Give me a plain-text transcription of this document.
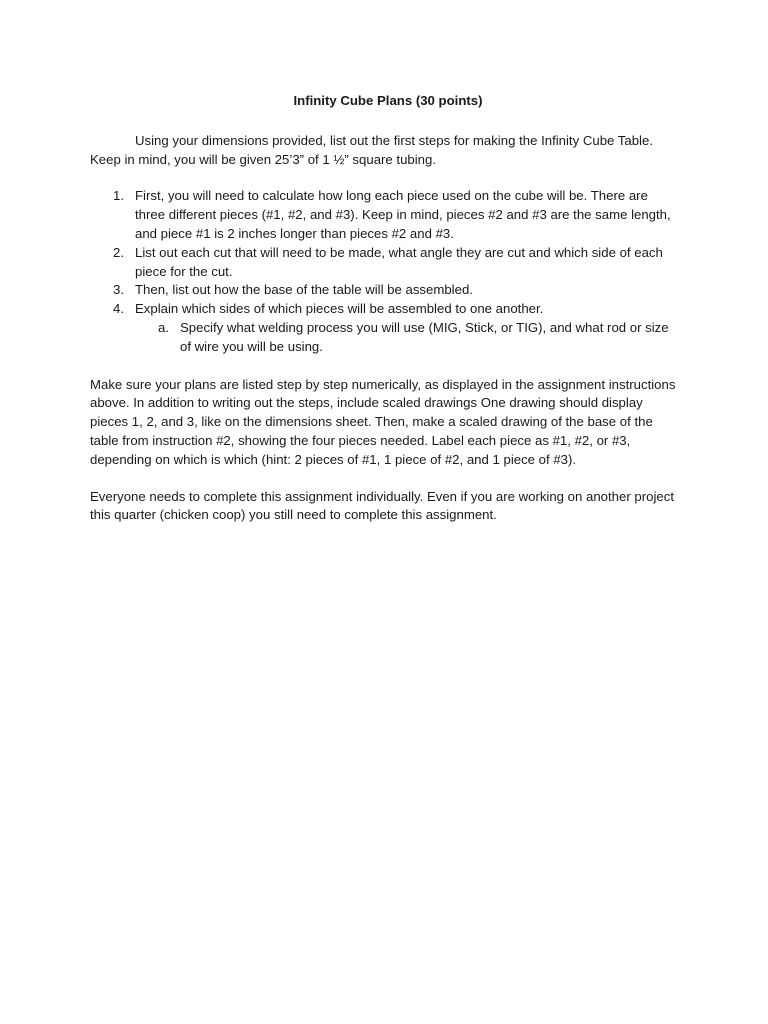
Infinity Cube Plans (30 points)

Using your dimensions provided, list out the first steps for making the Infinity Cube Table. Keep in mind, you will be given 25’3” of 1 ½” square tubing.

1. First, you will need to calculate how long each piece used on the cube will be. There are three different pieces (#1, #2, and #3). Keep in mind, pieces #2 and #3 are the same length, and piece #1 is 2 inches longer than pieces #2 and #3.
2. List out each cut that will need to be made, what angle they are cut and which side of each piece for the cut.
3. Then, list out how the base of the table will be assembled.
4. Explain which sides of which pieces will be assembled to one another.
a. Specify what welding process you will use (MIG, Stick, or TIG), and what rod or size of wire you will be using.

Make sure your plans are listed step by step numerically, as displayed in the assignment instructions above. In addition to writing out the steps, include scaled drawings One drawing should display pieces 1, 2, and 3, like on the dimensions sheet. Then, make a scaled drawing of the base of the table from instruction #2, showing the four pieces needed. Label each piece as #1, #2, or #3, depending on which is which (hint: 2 pieces of #1, 1 piece of #2, and 1 piece of #3).

Everyone needs to complete this assignment individually. Even if you are working on another project this quarter (chicken coop) you still need to complete this assignment.
